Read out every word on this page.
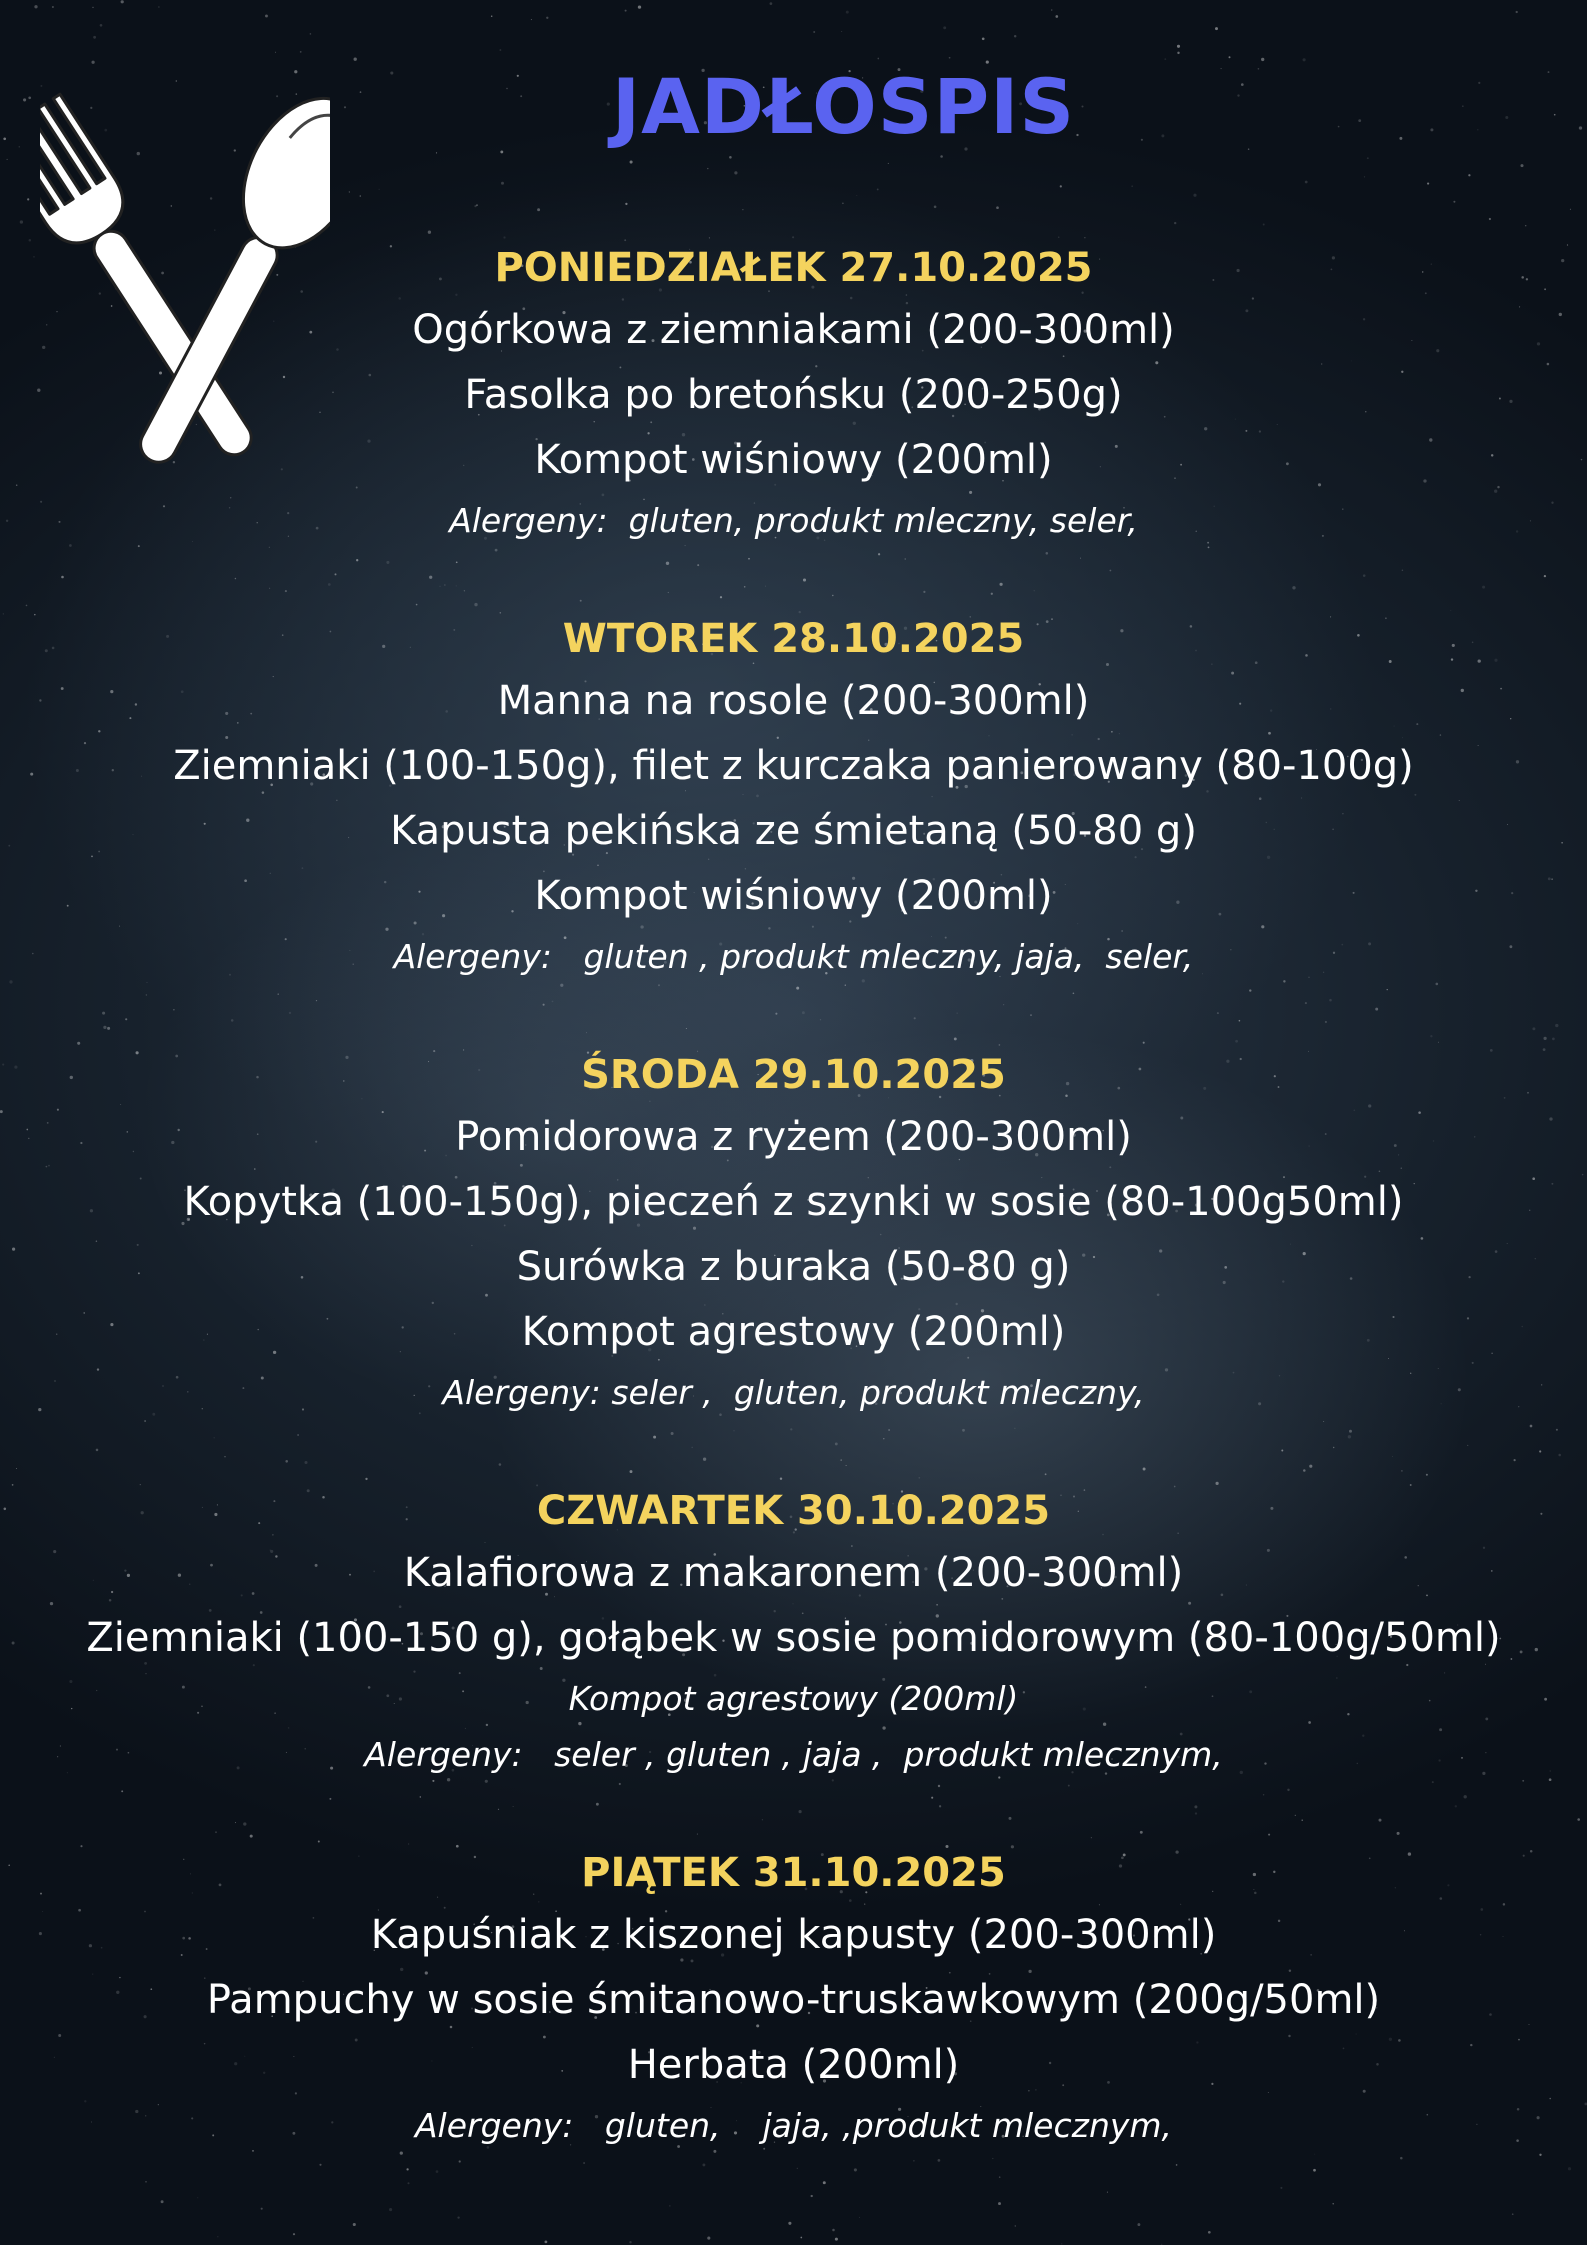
JADŁOSPIS
PONIEDZIAŁEK 27.10.2025
Ogórkowa z ziemniakami (200-300ml)
Fasolka po bretońsku (200-250g)
Kompot wiśniowy (200ml)
Alergeny:  gluten, produkt mleczny, seler,
WTOREK 28.10.2025
Manna na rosole (200-300ml)
Ziemniaki (100-150g), filet z kurczaka panierowany (80-100g)
Kapusta pekińska ze śmietaną (50-80 g)
Kompot wiśniowy (200ml)
Alergeny:   gluten , produkt mleczny, jaja,  seler,
ŚRODA 29.10.2025
Pomidorowa z ryżem (200-300ml)
Kopytka (100-150g), pieczeń z szynki w sosie (80-100g50ml)
Surówka z buraka (50-80 g)
Kompot agrestowy (200ml)
Alergeny: seler ,  gluten, produkt mleczny,
CZWARTEK 30.10.2025
Kalafiorowa z makaronem (200-300ml)
Ziemniaki (100-150 g), gołąbek w sosie pomidorowym (80-100g/50ml)
Kompot agrestowy (200ml)
Alergeny:   seler , gluten , jaja ,  produkt mlecznym,
PIĄTEK 31.10.2025
Kapuśniak z kiszonej kapusty (200-300ml)
Pampuchy w sosie śmitanowo-truskawkowym (200g/50ml)
Herbata (200ml)
Alergeny:   gluten,    jaja, ,produkt mlecznym,
